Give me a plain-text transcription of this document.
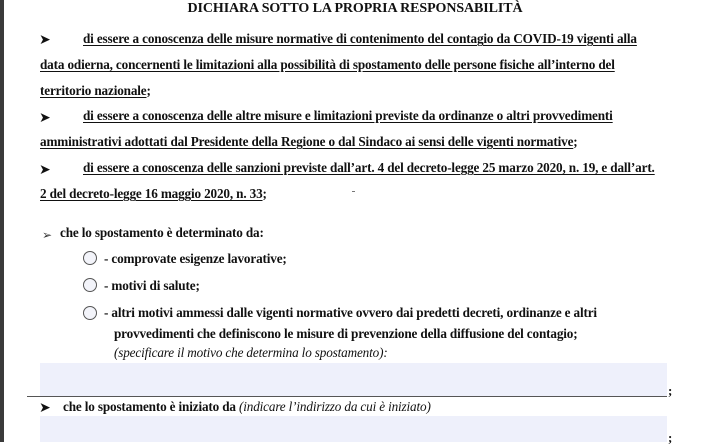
DICHIARA SOTTO LA PROPRIA RESPONSABILITÀ
➤ di essere a conoscenza delle misure normative di contenimento del contagio da COVID-19 vigenti alla
data odierna, concernenti le limitazioni alla possibilità di spostamento delle persone fisiche all’interno del
territorio nazionale;
➤ di essere a conoscenza delle altre misure e limitazioni previste da ordinanze o altri provvedimenti
amministrativi adottati dal Presidente della Regione o dal Sindaco ai sensi delle vigenti normative;
➤ di essere a conoscenza delle sanzioni previste dall’art. 4 del decreto-legge 25 marzo 2020, n. 19, e dall’art.
2 del decreto-legge 16 maggio 2020, n. 33;
➢ che lo spostamento è determinato da:
- comprovate esigenze lavorative;
- motivi di salute;
- altri motivi ammessi dalle vigenti normative ovvero dai predetti decreti, ordinanze e altri
provvedimenti che definiscono le misure di prevenzione della diffusione del contagio;
(specificare il motivo che determina lo spostamento):
;
➤ che lo spostamento è iniziato da (indicare l’indirizzo da cui è iniziato)
;
